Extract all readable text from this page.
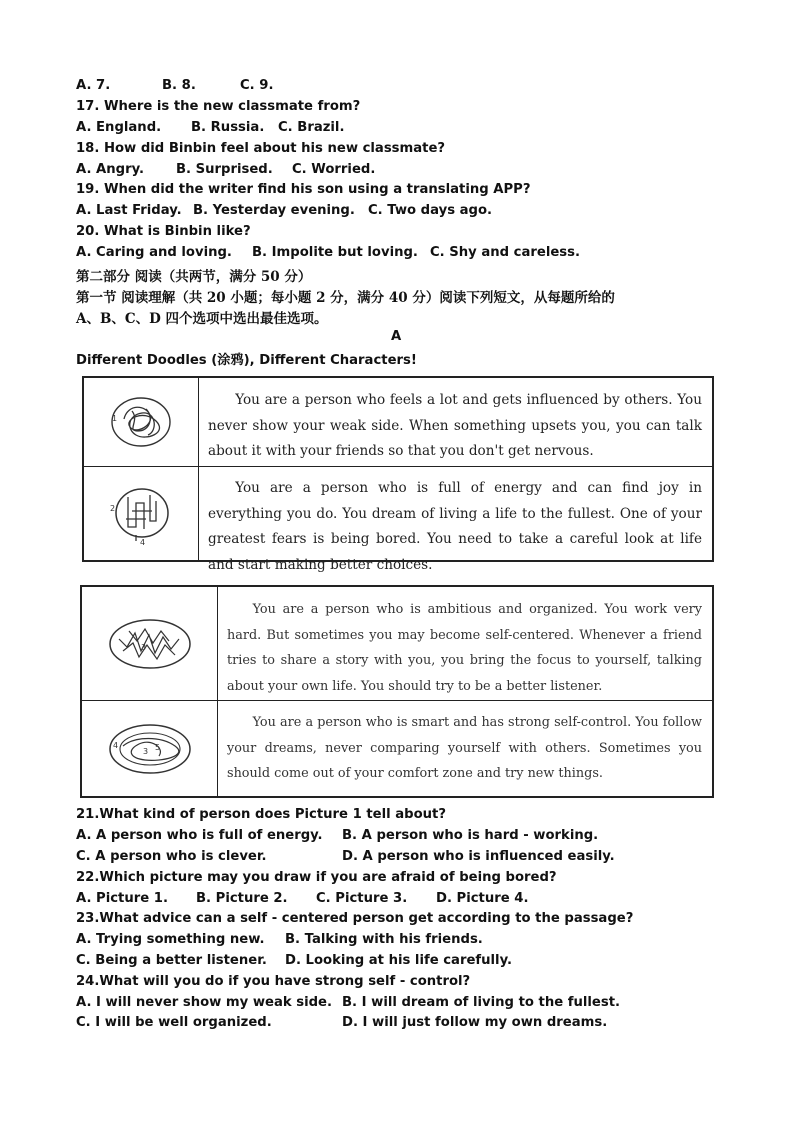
A. 7.	B. 8.	C. 9.
17. Where is the new classmate from?
A. England. B. Russia. C. Brazil.
18. How did Binbin feel about his new classmate?
A. Angry. B. Surprised. C. Worried.
19. When did the writer find his son using a translating APP?
A. Last Friday. B. Yesterday evening. C. Two days ago.
20. What is Binbin like?
A. Caring and loving. B. Impolite but loving. C. Shy and careless.
第二部分 阅读（共两节，满分 50 分）
第一节 阅读理解（共 20 小题；每小题 2 分，满分 40 分）阅读下列短文，从每题所给的
A、B、C、D 四个选项中选出最佳选项。
A
Different Doodles (涂鸦), Different Characters!
1
You are a person who feels a lot and gets influenced by others. You never show your weak side. When something upsets you, you can talk about it with your friends so that you don't get nervous.
2
4
You are a person who is full of energy and can find joy in everything you do. You dream of living a life to the fullest. One of your greatest fears is being bored. You need to take a careful look at life and start making better choices.
3
You are a person who is ambitious and organized. You work very hard. But sometimes you may become self-centered. Whenever a friend tries to share a story with you, you bring the focus to yourself, talking about your own life. You should try to be a better listener.
4
3 5
You are a person who is smart and has strong self-control. You follow your dreams, never comparing yourself with others. Sometimes you should come out of your comfort zone and try new things.
21.What kind of person does Picture 1 tell about?
A. A person who is full of energy. B. A person who is hard - working.
C. A person who is clever.	D. A person who is influenced easily.
22.Which picture may you draw if you are afraid of being bored?
A. Picture 1. B. Picture 2. C. Picture 3. D. Picture 4.
23.What advice can a self - centered person get according to the passage?
A. Trying something new. B. Talking with his friends.
C. Being a better listener. D. Looking at his life carefully.
24.What will you do if you have strong self - control?
A. I will never show my weak side. B. I will dream of living to the fullest.
C. I will be well organized.	D. I will just follow my own dreams.
